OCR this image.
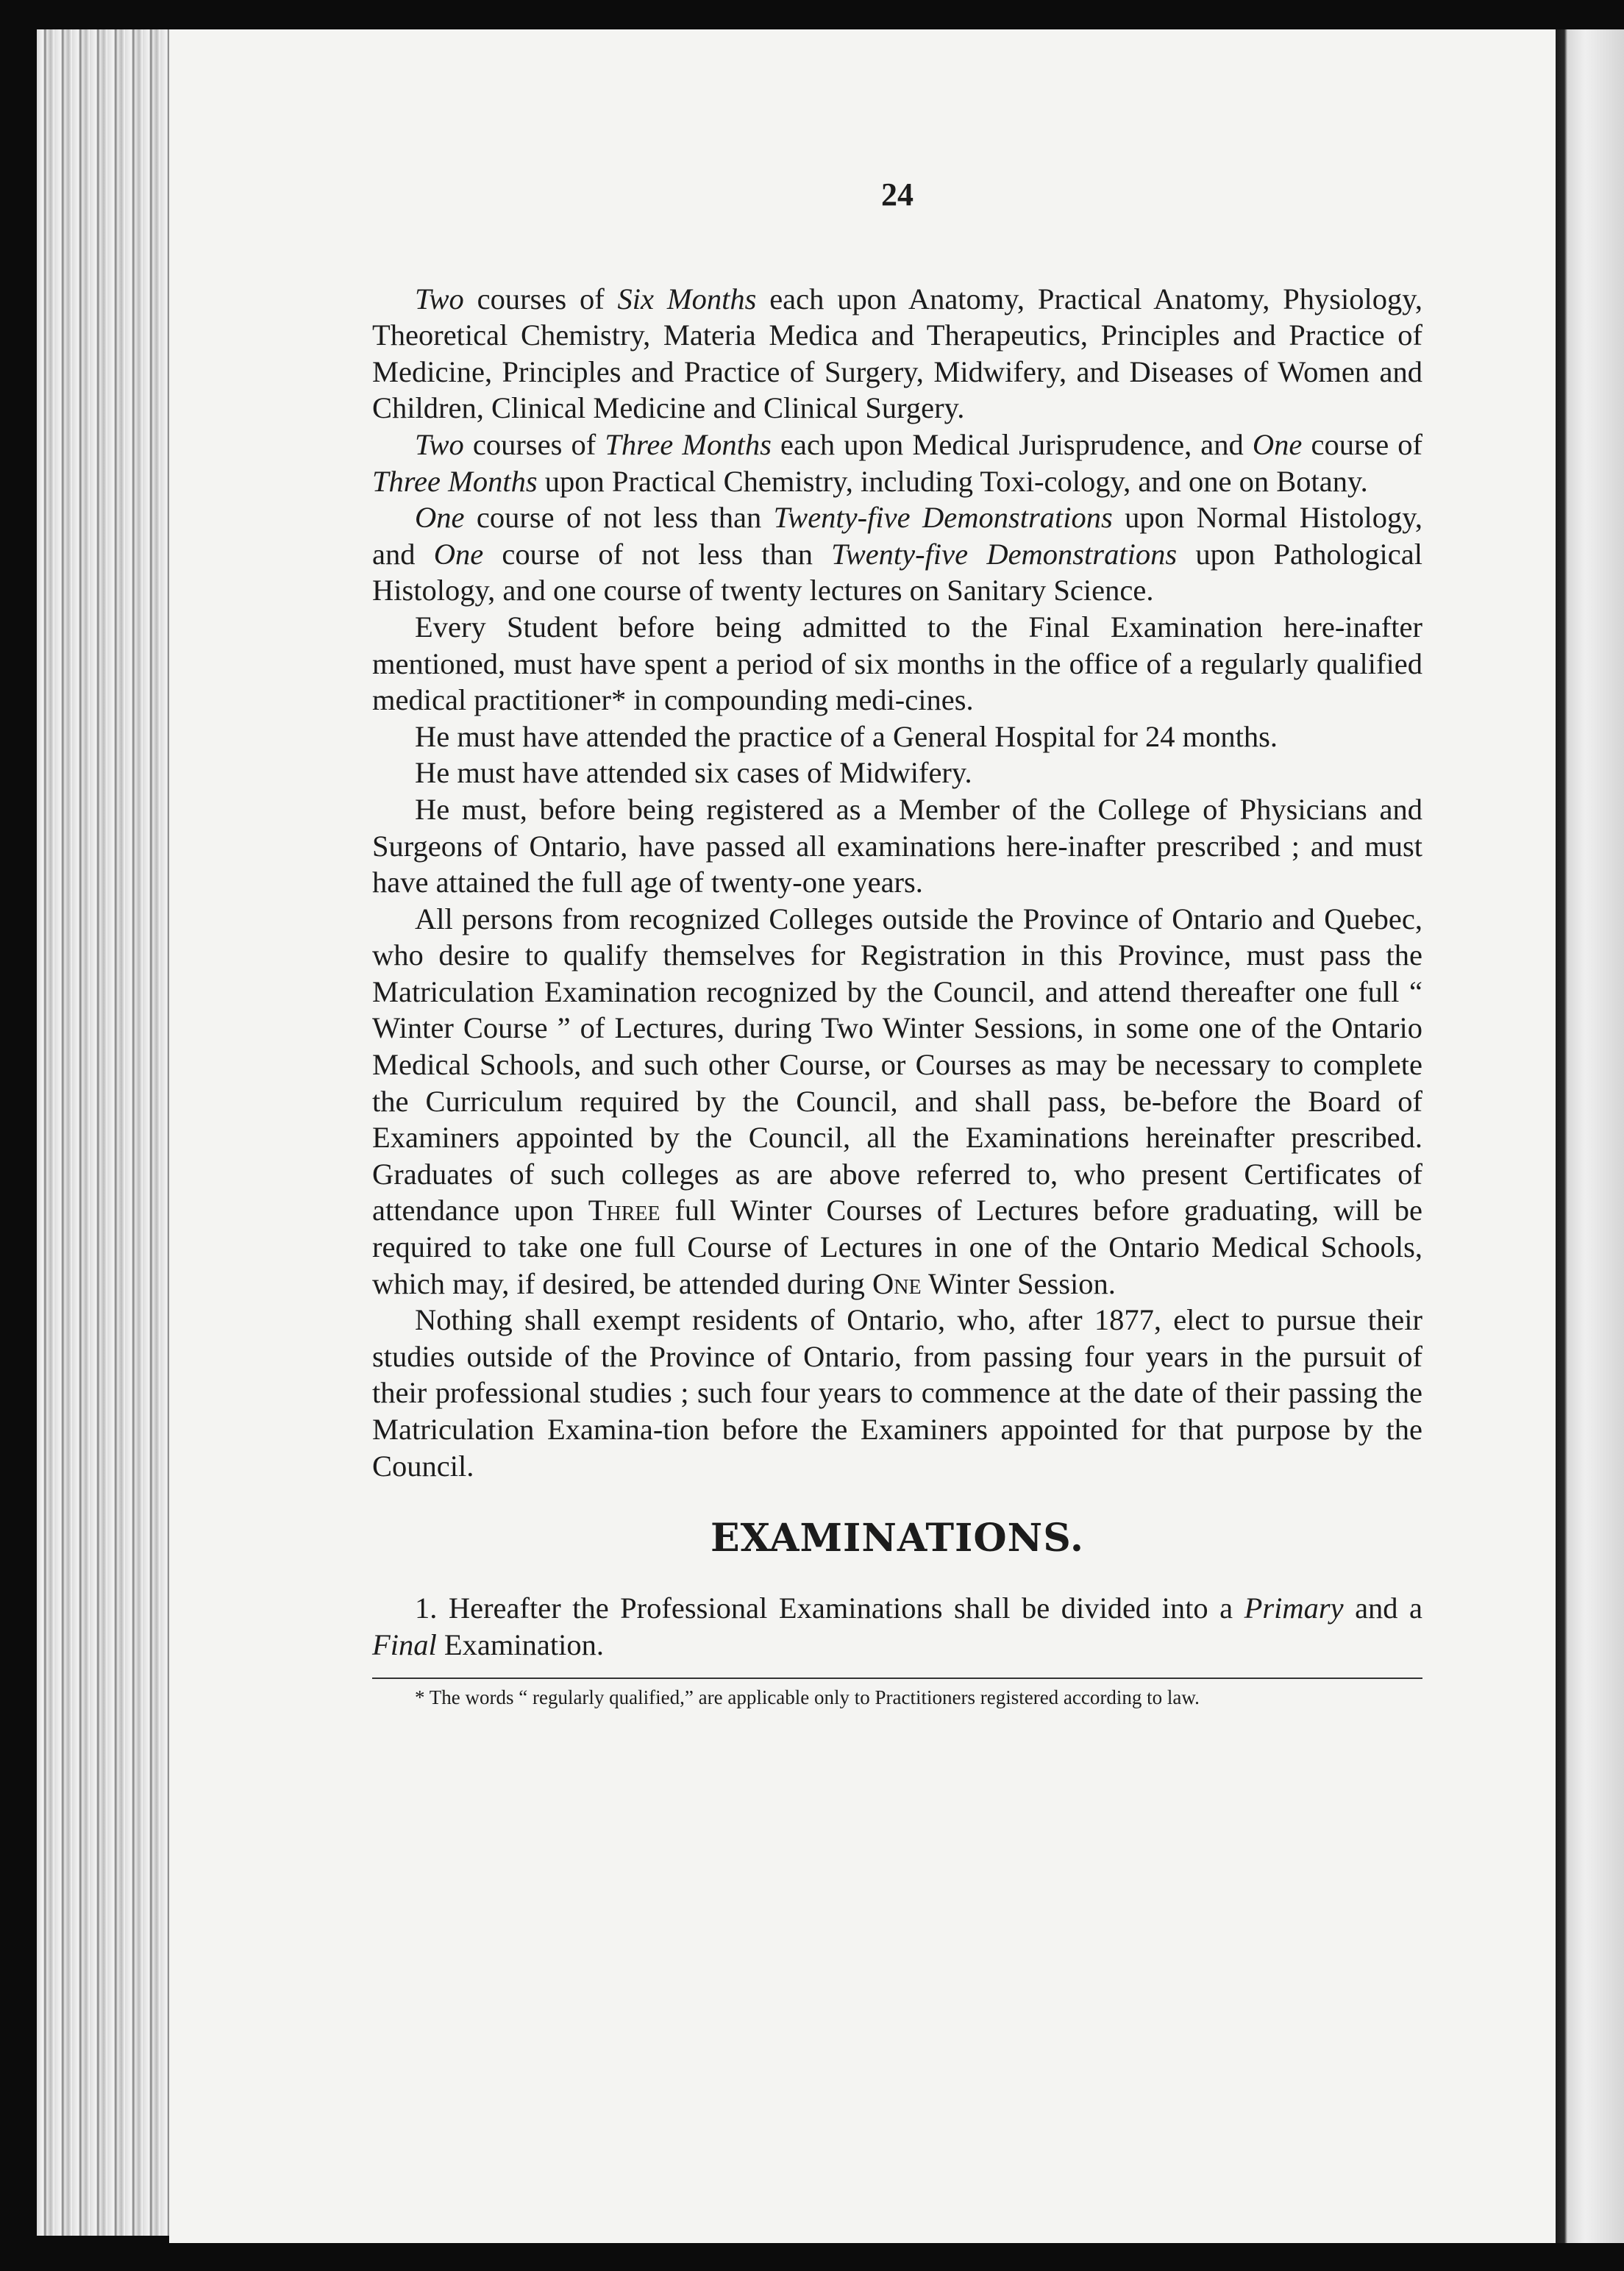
24

Two courses of Six Months each upon Anatomy, Practical Anatomy, Physiology, Theoretical Chemistry, Materia Medica and Therapeutics, Principles and Practice of Medicine, Principles and Practice of Surgery, Midwifery, and Diseases of Women and Children, Clinical Medicine and Clinical Surgery.

Two courses of Three Months each upon Medical Jurisprudence, and One course of Three Months upon Practical Chemistry, including Toxi-cology, and one on Botany.

One course of not less than Twenty-five Demonstrations upon Normal Histology, and One course of not less than Twenty-five Demonstrations upon Pathological Histology, and one course of twenty lectures on Sanitary Science.

Every Student before being admitted to the Final Examination here-inafter mentioned, must have spent a period of six months in the office of a regularly qualified medical practitioner* in compounding medi-cines.

He must have attended the practice of a General Hospital for 24 months.

He must have attended six cases of Midwifery.

He must, before being registered as a Member of the College of Physicians and Surgeons of Ontario, have passed all examinations here-inafter prescribed ; and must have attained the full age of twenty-one years.

All persons from recognized Colleges outside the Province of Ontario and Quebec, who desire to qualify themselves for Registration in this Province, must pass the Matriculation Examination recognized by the Council, and attend thereafter one full “ Winter Course ” of Lectures, during Two Winter Sessions, in some one of the Ontario Medical Schools, and such other Course, or Courses as may be necessary to complete the Curriculum required by the Council, and shall pass, be-before the Board of Examiners appointed by the Council, all the Examinations hereinafter prescribed. Graduates of such colleges as are above referred to, who present Certificates of attendance upon Three full Winter Courses of Lectures before graduating, will be required to take one full Course of Lectures in one of the Ontario Medical Schools, which may, if desired, be attended during One Winter Session.

Nothing shall exempt residents of Ontario, who, after 1877, elect to pursue their studies outside of the Province of Ontario, from passing four years in the pursuit of their professional studies ; such four years to commence at the date of their passing the Matriculation Examina-tion before the Examiners appointed for that purpose by the Council.

EXAMINATIONS.

1. Hereafter the Professional Examinations shall be divided into a Primary and a Final Examination.

* The words “ regularly qualified,” are applicable only to Practitioners registered according to law.
